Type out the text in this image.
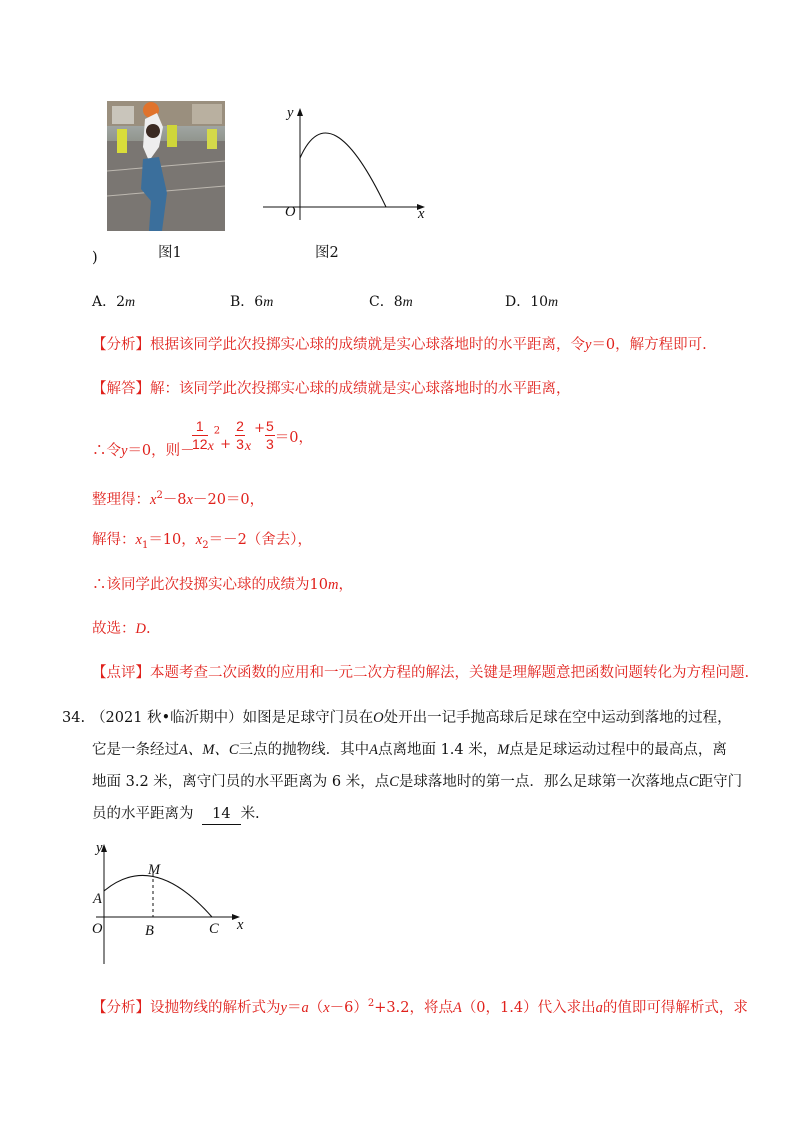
y
O	x
)	图1	图2
A．2m	B．6m	C．8m	D．10m
【分析】根据该同学此次投掷实心球的成绩就是实心球落地时的水平距离，令y＝0，解方程即可.
【解答】解：该同学此次投掷实心球的成绩就是实心球落地时的水平距离，
∴令y＝0，则－
$\frac{1}{12} x^2_+ \frac{2}{3} x^+ \frac{5}{3} =0$，
整理得：$x^2-8x-20=0$，
解得：$x_1=10$，$x_2=-2$（舍去），
∴该同学此次投掷实心球的成绩为10m，
故选：D.
【点评】本题考查二次函数的应用和一元二次方程的解法，关键是理解题意把函数问题转化为方程问题.
34. （2021 秋•临沂期中）如图是足球守门员在O处开出一记手抛高球后足球在空中运动到落地的过程，
它是一条经过A、M、C三点的抛物线．其中A点离地面 1.4 米，M点是足球运动过程中的最高点，离
地面 3.2 米，离守门员的水平距离为 6 米，点C是球落地时的第一点．那么足球第一次落地点C距守门
员的水平距离为 14 米.
y
M
A
O	B	C x
【分析】设抛物线的解析式为$y=a(x-6)^2+3.2$，将点A（0，1.4）代入求出a的值即可得解析式，求
